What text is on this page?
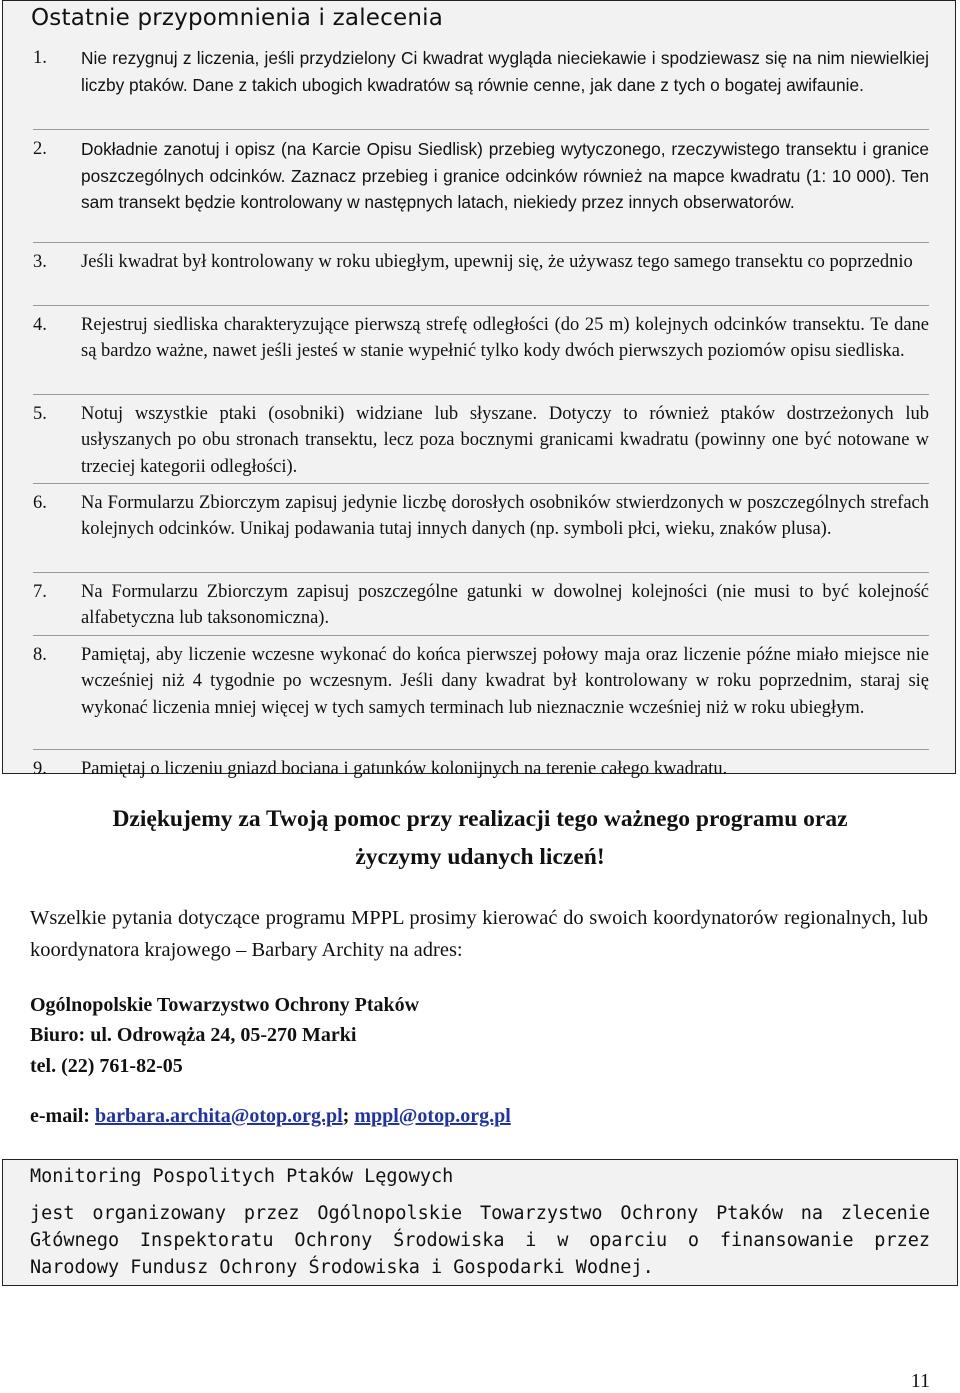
Ostatnie przypomnienia i zalecenia
1. Nie rezygnuj z liczenia, jeśli przydzielony Ci kwadrat wygląda nieciekawie i spodziewasz się na nim niewielkiej liczby ptaków. Dane z takich ubogich kwadratów są równie cenne, jak dane z tych o bogatej awifaunie.
2. Dokładnie zanotuj i opisz (na Karcie Opisu Siedlisk) przebieg wytyczonego, rzeczywistego transektu i granice poszczególnych odcinków. Zaznacz przebieg i granice odcinków również na mapce kwadratu (1: 10 000). Ten sam transekt będzie kontrolowany w następnych latach, niekiedy przez innych obserwatorów.
3. Jeśli kwadrat był kontrolowany w roku ubiegłym, upewnij się, że używasz tego samego transektu co poprzednio
4. Rejestruj siedliska charakteryzujące pierwszą strefę odległości (do 25 m) kolejnych odcinków transektu. Te dane są bardzo ważne, nawet jeśli jesteś w stanie wypełnić tylko kody dwóch pierwszych poziomów opisu siedliska.
5. Notuj wszystkie ptaki (osobniki) widziane lub słyszane. Dotyczy to również ptaków dostrzeżonych lub usłyszanych po obu stronach transektu, lecz poza bocznymi granicami kwadratu (powinny one być notowane w trzeciej kategorii odległości).
6. Na Formularzu Zbiorczym zapisuj jedynie liczbę dorosłych osobników stwierdzonych w poszczególnych strefach kolejnych odcinków. Unikaj podawania tutaj innych danych (np. symboli płci, wieku, znaków plusa).
7. Na Formularzu Zbiorczym zapisuj poszczególne gatunki w dowolnej kolejności (nie musi to być kolejność alfabetyczna lub taksonomiczna).
8. Pamiętaj, aby liczenie wczesne wykonać do końca pierwszej połowy maja oraz liczenie późne miało miejsce nie wcześniej niż 4 tygodnie po wczesnym. Jeśli dany kwadrat był kontrolowany w roku poprzednim, staraj się wykonać liczenia mniej więcej w tych samych terminach lub nieznacznie wcześniej niż w roku ubiegłym.
9. Pamiętaj o liczeniu gniazd bociana i gatunków kolonijnych na terenie całego kwadratu.
Dziękujemy za Twoją pomoc przy realizacji tego ważnego programu oraz
życzymy udanych liczeń!
Wszelkie pytania dotyczące programu MPPL prosimy kierować do swoich koordynatorów regionalnych, lub koordynatora krajowego – Barbary Archity na adres:
Ogólnopolskie Towarzystwo Ochrony Ptaków
Biuro: ul. Odrowąża 24, 05-270 Marki
tel. (22) 761-82-05
e-mail: barbara.archita@otop.org.pl; mppl@otop.org.pl
Monitoring Pospolitych Ptaków Lęgowych
jest organizowany przez Ogólnopolskie Towarzystwo Ochrony Ptaków na zlecenie Głównego Inspektoratu Ochrony Środowiska i w oparciu o finansowanie przez Narodowy Fundusz Ochrony Środowiska i Gospodarki Wodnej.
11
